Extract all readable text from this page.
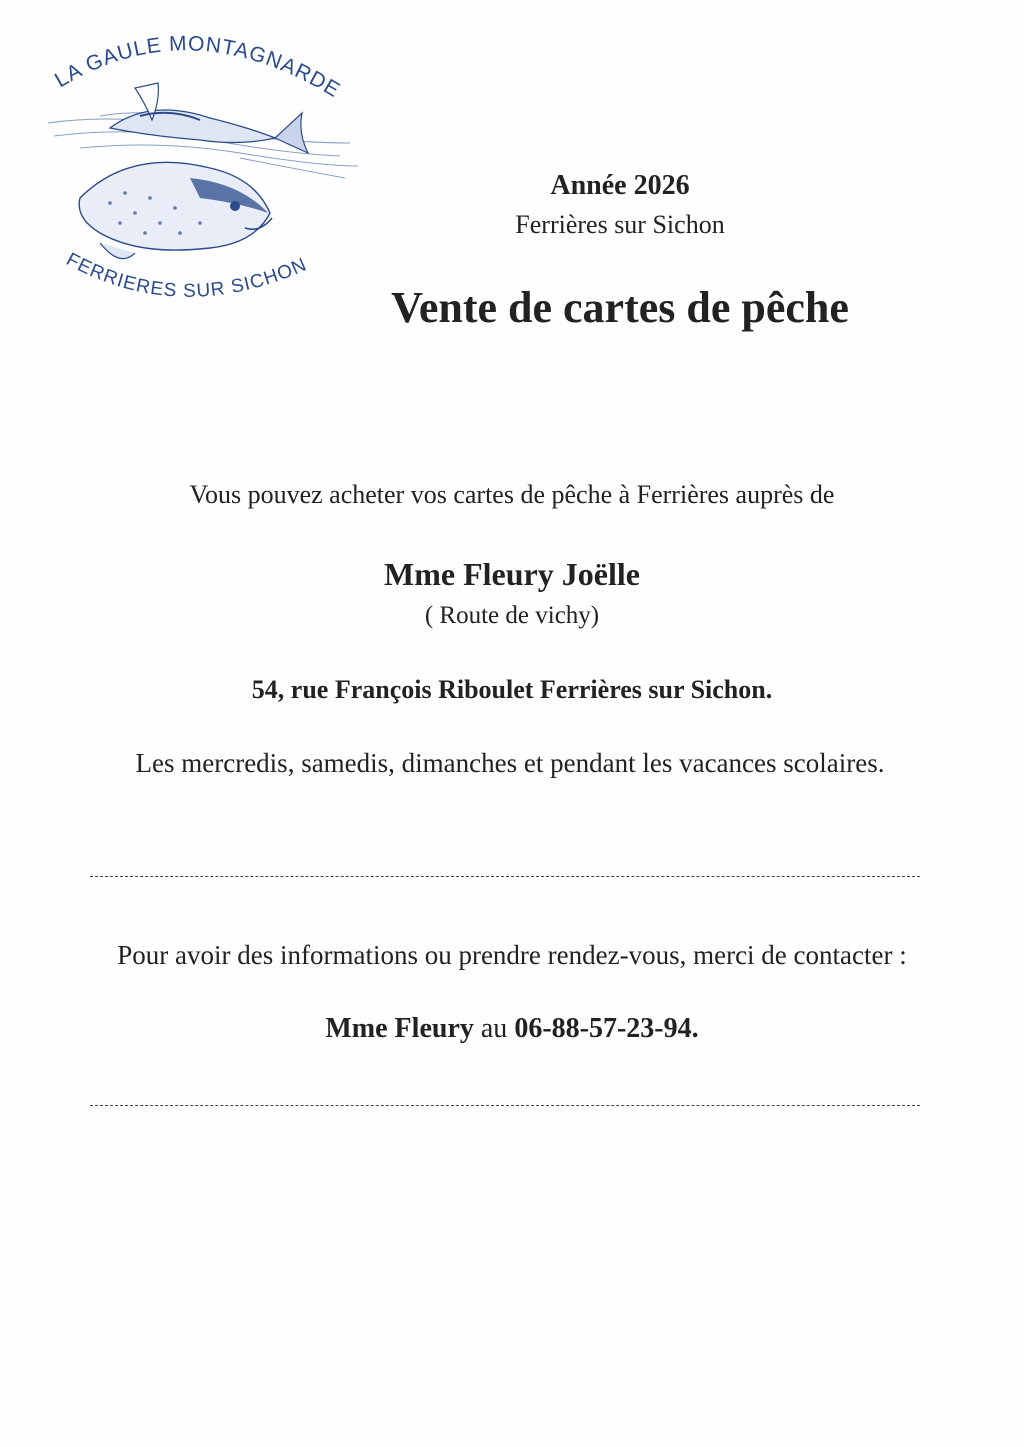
LA GAULE MONTAGNARDE
FERRIERES SUR SICHON
Année 2026
Ferrières sur Sichon
Vente de cartes de pêche
Vous pouvez acheter vos cartes de pêche à Ferrières auprès de
Mme Fleury Joëlle
( Route de vichy)
54, rue François Riboulet Ferrières sur Sichon.
Les mercredis, samedis, dimanches et pendant les vacances scolaires.
Pour avoir des informations ou prendre rendez-vous, merci de contacter :
Mme Fleury au 06-88-57-23-94.
